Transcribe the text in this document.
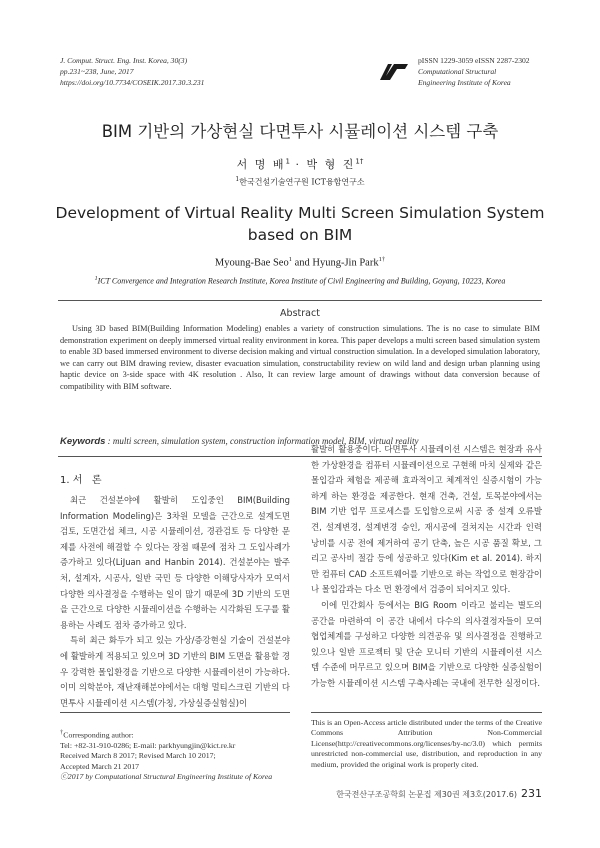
J. Comput. Struct. Eng. Inst. Korea, 30(3)
pp.231~238, June, 2017
https://doi.org/10.7734/COSEIK.2017.30.3.231
pISSN 1229-3059 eISSN 2287-2302
Computational Structural
Engineering Institute of Korea
BIM 기반의 가상현실 다면투사 시뮬레이션 시스템 구축
서 명 배$^1$ · 박 형 진$^{1\dagger}$
$^1$한국건설기술연구원 ICT융합연구소
Development of Virtual Reality Multi Screen Simulation System based on BIM
Myoung-Bae Seo$^1$ and Hyung-Jin Park$^{1\dagger}$
$^1$ICT Convergence and Integration Research Institute, Korea Institute of Civil Engineering and Building, Goyang, 10223, Korea
Abstract
Using 3D based BIM(Building Information Modeling) enables a variety of construction simulations. The is no case to simulate BIM demonstration experiment on deeply immersed virtual reality environment in korea. This paper develops a multi screen based simulation system to enable 3D based immersed environment to diverse decision making and virtual construction simulation. In a developed simulation laboratory, we can carry out BIM drawing review, disaster evacuation simulation, constructability review on wild land and design urban planning using haptic device on 3-side space with 4K resolution . Also, It can review large amount of drawings without data conversion because of compatibility with BIM software.
Keywords : multi screen, simulation system, construction information model, BIM, virtual reality
1. 서   론

최근 건설분야에 활발히 도입중인 BIM(Building Information Modeling)은 3차원 모델을 근간으로 설계도면 검토, 도면간섭 체크, 시공 시뮬레이션, 경관검토 등 다양한 문제를 사전에 해결할 수 있다는 장점 때문에 점차 그 도입사례가 증가하고 있다(LiJuan and Hanbin 2014). 건설분야는 발주처, 설계자, 시공사, 일반 국민 등 다양한 이해당사자가 모여서 다양한 의사결정을 수행하는 일이 많기 때문에 3D 기반의 도면을 근간으로 다양한 시뮬레이션을 수행하는 시각화된 도구를 활용하는 사례도 점차 증가하고 있다.

특히 최근 화두가 되고 있는 가상/증강현실 기술이 건설분야에 활발하게 적용되고 있으며 3D 기반의 BIM 도면을 활용할 경우 강력한 몰입환경을 기반으로 다양한 시뮬레이션이 가능하다. 이미 의학분야, 재난재해분야에서는 대형 멀티스크린 기반의 다면투사 시뮬레이션 시스템(가칭, 가상실증실험실)이

활발히 활용중이다. 다면투사 시뮬레이션 시스템은 현장과 유사한 가상환경을 컴퓨터 시뮬레이션으로 구현해 마치 실제와 같은 몰입감과 체험을 제공해 효과적이고 체계적인 실증시험이 가능하게 하는 환경을 제공한다. 현재 건축, 건설, 토목분야에서는 BIM 기반 업무 프로세스를 도입함으로써 시공 중 설계 오류발견, 설계변경, 설계변경 승인, 재시공에 걸쳐지는 시간과 인력 낭비를 시공 전에 제거하여 공기 단축, 높은 시공 품질 확보, 그리고 공사비 절감 등에 성공하고 있다(Kim et al. 2014). 하지만 컴퓨터 CAD 소프트웨어를 기반으로 하는 작업으로 현장감이나 몰입감과는 다소 먼 환경에서 검증이 되어지고 있다.

이에 민간회사 등에서는 BIG Room 이라고 불리는 별도의 공간을 마련하여 이 공간 내에서 다수의 의사결정자들이 모여 협업체계를 구성하고 다양한 의견공유 및 의사결정을 진행하고 있으나 일반 프로젝터 및 단순 모니터 기반의 시뮬레이션 시스템 수준에 머무르고 있으며 BIM을 기반으로 다양한 실증실험이 가능한 시뮬레이션 시스템 구축사례는 국내에 전무한 실정이다.

†Corresponding author:
Tel: +82-31-910-0286; E-mail: parkhyungjin@kict.re.kr
Received March 8 2017; Revised March 10 2017;
Accepted March 21 2017
ⓒ2017 by Computational Structural Engineering Institute of Korea
This is an Open-Access article distributed under the terms of the Creative Commons Attribution Non-Commercial License(http://creativecommons.org/licenses/by-nc/3.0) which permits unrestricted non-commercial use, distribution, and reproduction in any medium, provided the original work is properly cited.
한국전산구조공학회 논문집 제30권 제3호(2017.6) 231
